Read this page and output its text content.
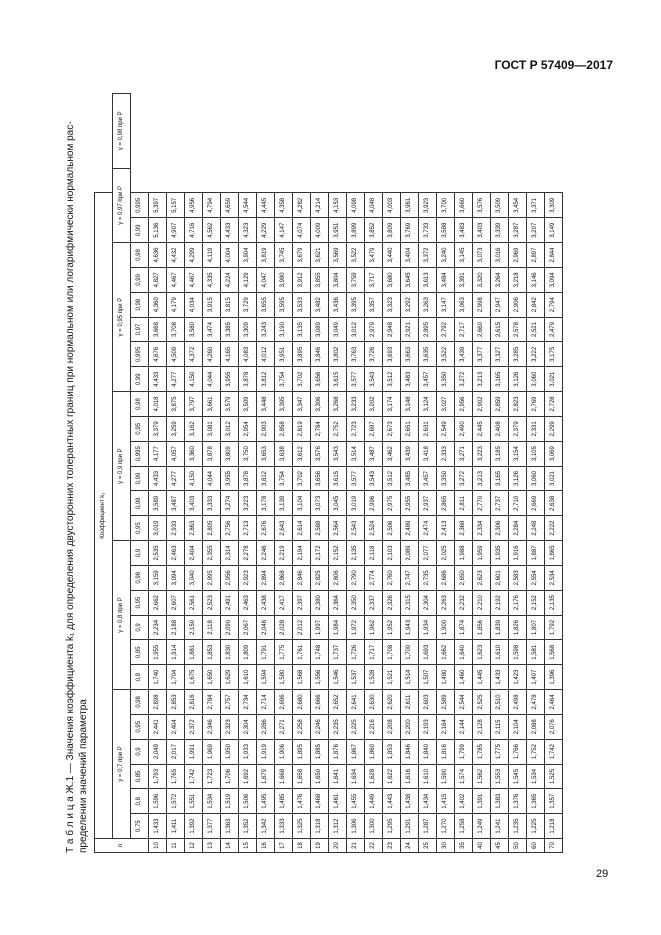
ГОСТ Р 57409—2017
Т а б л и ц а Ж.1 — Значения коэффициента k₁ для определения двусторонних толерантных границ при нормальном или логарифмически нормальном рас-пределении значений параметра	n	Коэффициент k₁																										
	γ = 0,7 при P						γ = 0,8 при P						γ = 0,9 при P						γ = 0,95 при P						γ = 0,97 при P		γ = 0,98 при P
	0,75	0,8	0,85	0,9	0,95	0,98	0,8	0,85	0,9	0,95	0,98	0,9	0,95	0,98	0,99	0,995	0,95	0,98	0,99	0,995	0,97	0,98	0,99	0,98	0,99	0,995	
10	1,433	1,596	1,793	2,049	2,441	2,898	1,740	1,955	2,234	2,662	3,159	2,535	3,019	3,589	4,433	4,177	3,379	4,018	4,433	4,676	3,668	4,360	4,827	4,636	5,136	5,397	
11	1,411	1,572	1,765	2,017	2,404	2,853	1,704	1,914	2,188	2,607	3,094	2,463	2,933	3,487	4,277	4,057	3,259	3,875	4,277	4,509	3,708	4,179	4,467	4,432	4,907	5,157	
12	1,392	1,551	1,742	1,991	2,372	2,816	1,675	1,881	2,150	2,561	3,040	2,404	2,863	3,403	4,150	3,360	3,162	3,797	4,150	4,372	3,580	4,034	4,467	4,299	4,716	4,956	
13	1,377	1,534	1,723	1,969	2,346	2,784	1,650	1,853	2,118	2,523	2,995	2,355	2,805	3,333	4,044	3,878	3,081	3,661	4,044	4,260	3,474	3,915	4,335	4,119	4,562	4,794	
14	1,363	1,519	1,706	1,950	2,323	2,757	1,629	1,830	2,090	2,491	2,956	2,314	2,756	3,274	3,955	3,809	3,012	3,579	3,955	4,165	3,385	3,815	4,224	4,004	4,433	4,659	
15	1,352	1,506	1,692	1,933	2,304	2,734	1,610	1,809	2,067	2,463	2,923	2,278	2,713	3,223	3,878	3,750	2,954	3,509	3,878	4,083	3,309	3,729	4,129	3,904	4,323	4,544	
16	1,342	1,495	1,679	1,919	2,286	2,714	1,594	1,791	2,046	2,438	2,894	2,246	2,676	3,178	3,812	3,653	2,903	3,448	3,812	4,012	3,243	3,655	4,047	3,819	4,229	4,445	
17	1,333	1,485	1,668	1,906	2,271	2,696	1,580	1,775	2,028	2,417	2,868	2,219	2,643	3,139	3,754	3,638	2,858	3,395	3,754	3,951	3,190	3,595	3,980	3,745	4,147	4,358	
18	1,325	1,476	1,658	1,895	2,258	2,680	1,568	1,761	2,012	2,397	2,846	2,194	2,614	3,104	3,702	3,612	2,819	3,347	3,702	3,895	3,135	3,533	3,912	3,679	4,074	4,282	
19	1,318	1,468	1,650	1,885	2,246	2,666	1,556	1,748	1,997	2,380	2,825	2,172	2,588	3,073	3,656	3,576	2,784	3,306	3,656	3,846	3,089	3,482	3,855	3,621	4,009	4,214	
20	1,312	1,461	1,641	1,876	2,235	2,652	1,546	1,737	1,984	2,364	2,806	2,152	2,564	3,045	3,615	3,543	2,752	3,268	3,615	3,802	3,049	3,436	3,804	3,569	3,951	4,153	
21	1,306	1,455	1,634	1,867	2,225	2,641	1,537	1,726	1,972	2,350	2,790	2,135	2,543	3,019	3,577	3,514	2,723	3,233	3,577	3,763	3,012	3,395	3,759	3,522	3,899	4,098	
22	1,300	1,449	1,628	1,860	2,216	2,630	1,528	1,717	1,962	2,337	2,774	2,118	2,524	2,996	3,543	3,487	2,697	3,202	3,543	3,726	2,979	3,357	3,717	3,479	3,852	4,048	
23	1,295	1,443	1,622	1,853	2,208	2,620	1,521	1,708	1,952	2,326	2,760	2,103	2,506	2,975	3,512	3,462	2,673	3,174	3,512	3,693	2,948	3,323	3,680	3,440	3,809	4,003	
24	1,291	1,438	1,616	1,846	2,200	2,611	1,514	1,700	1,943	2,315	2,747	2,089	2,489	2,955	3,485	3,439	2,651	3,148	3,483	3,663	2,921	3,292	3,645	3,404	3,769	3,961	
25	1,287	1,434	1,610	1,840	2,193	2,603	1,507	1,693	1,934	2,304	2,735	2,077	2,474	2,937	3,457	3,418	2,631	3,124	3,457	3,635	2,895	3,263	3,613	3,372	3,733	3,923	
30	1,270	1,415	1,590	1,816	2,164	2,589	1,480	1,662	1,900	2,263	2,686	2,025	2,413	2,865	3,350	2,333	2,549	3,027	3,350	3,522	2,792	3,147	3,484	3,240	3,588	3,700	
35	1,258	1,402	1,574	1,799	2,144	2,544	1,460	1,640	1,874	2,232	2,650	1,988	2,368	2,811	3,272	3,271	2,490	2,956	3,272	3,439	2,717	3,063	3,391	3,145	3,483	3,660	
40	1,249	1,391	1,562	1,785	2,128	2,525	1,445	1,623	1,856	2,210	2,623	1,959	2,334	2,770	3,213	3,223	2,445	2,902	3,213	3,377	2,660	2,998	3,320	3,073	3,403	3,576	
45	1,241	1,383	1,553	1,775	2,115	2,510	1,433	1,610	1,839	2,192	2,601	1,935	2,306	2,737	3,165	3,185	2,408	2,859	3,165	3,327	2,615	2,947	3,264	3,016	3,339	3,509	
50	1,235	1,376	1,545	1,766	2,104	2,498	1,423	1,598	1,826	2,176	2,583	1,916	2,284	2,710	3,126	3,154	2,379	2,823	3,126	3,285	2,578	2,906	3,218	2,969	3,287	3,454	
60	1,225	1,365	1,534	1,752	2,088	2,478	1,407	1,581	1,807	2,152	2,554	1,887	2,248	2,669	3,060	3,105	2,331	2,769	3,060	3,222	2,521	2,842	3,146	2,897	3,207	3,371	
70	1,218	1,357	1,525	1,742	2,076	2,464	1,396	1,568	1,792	2,135	2,534	1,865	2,222	2,638	3,021	3,069	2,299	2,728	3,021	3,175	2,479	2,794	3,094	2,844	3,149	3,309	
29
